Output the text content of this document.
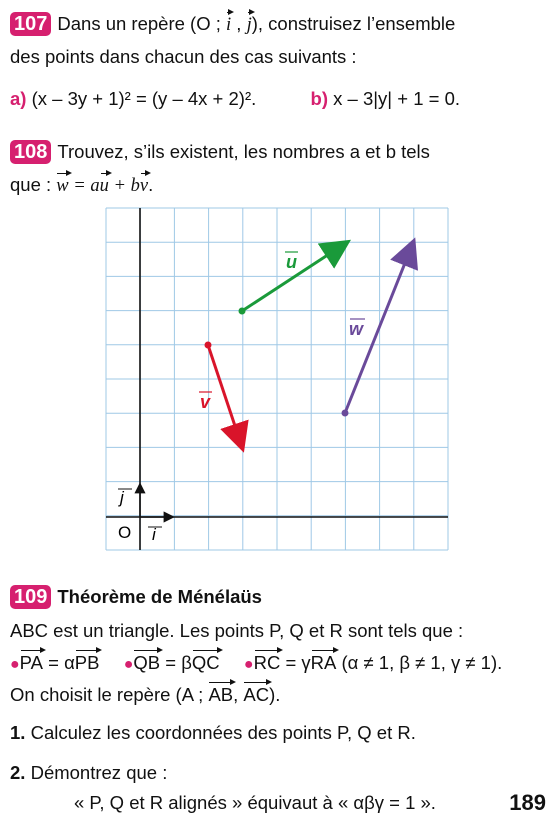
107 Dans un repère (O ; i , j), construisez l’ensemble
des points dans chacun des cas suivants :
a) (x – 3y + 1)² = (y – 4x + 2)².	b) x – 3|y| + 1 = 0.
108 Trouvez, s’ils existent, les nombres a et b tels
que : w = au + bv.
O i
j
u
v
w
109 Théorème de Ménélaüs
ABC est un triangle. Les points P, Q et R sont tels que :
●PA = αPB ●QB = βQC ●RC = γRA (α ≠ 1, β ≠ 1, γ ≠ 1).
On choisit le repère (A ; AB, AC).
1. Calculez les coordonnées des points P, Q et R.
2. Démontrez que :
« P, Q et R alignés » équivaut à « αβγ = 1 ».	189
